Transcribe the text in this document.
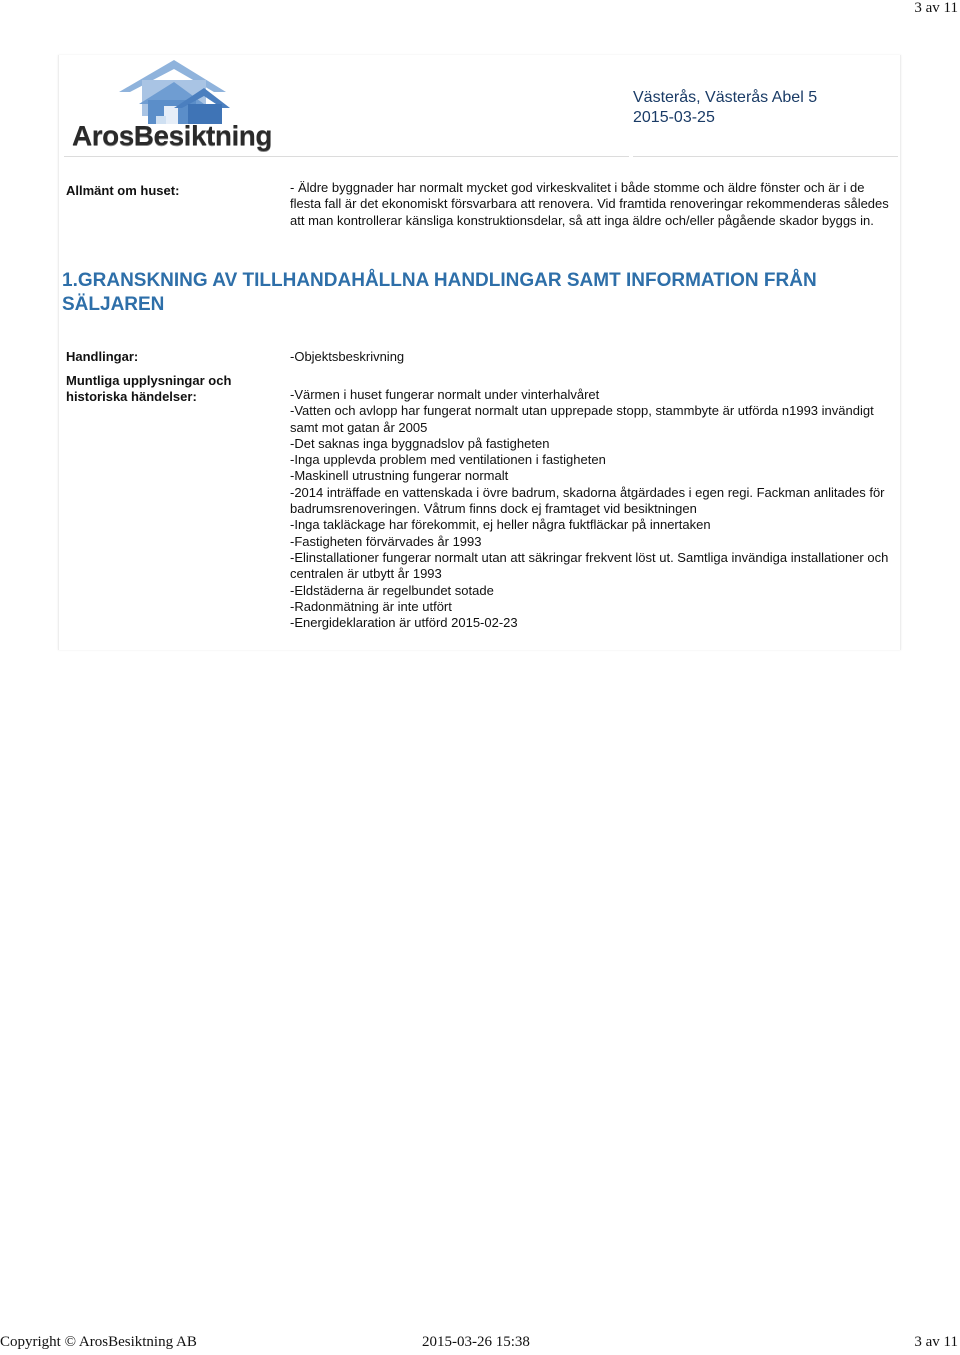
3 av 11
ArosBesiktning
Västerås, Västerås Abel 5
2015-03-25
Allmänt om huset:	- Äldre byggnader har normalt mycket god virkeskvalitet i både stomme och äldre fönster och är i de flesta fall är det ekonomiskt försvarbara att renovera. Vid framtida renoveringar rekommenderas således att man kontrollerar känsliga konstruktionsdelar, så att inga äldre och/eller pågående skador byggs in.
1.GRANSKNING AV TILLHANDAHÅLLNA HANDLINGAR SAMT INFORMATION FRÅN SÄLJAREN
Handlingar:	-Objektsbeskrivning
Muntliga upplysningar och historiska händelser:	-Värmen i huset fungerar normalt under vinterhalvåret
-Vatten och avlopp har fungerat normalt utan upprepade stopp, stammbyte är utförda n1993 invändigt samt mot gatan år 2005
-Det saknas inga byggnadslov på fastigheten
-Inga upplevda problem med ventilationen i fastigheten
-Maskinell utrustning fungerar normalt
-2014 inträffade en vattenskada i övre badrum, skadorna åtgärdades i egen regi. Fackman anlitades för badrumsrenoveringen. Våtrum finns dock ej framtaget vid besiktningen
-Inga takläckage har förekommit, ej heller några fuktfläckar på innertaken
-Fastigheten förvärvades år 1993
-Elinstallationer fungerar normalt utan att säkringar frekvent löst ut. Samtliga invändiga installationer och centralen är utbytt år 1993
-Eldstäderna är regelbundet sotade
-Radonmätning är inte utfört
-Energideklaration är utförd 2015-02-23
Copyright © ArosBesiktning AB	2015-03-26 15:38	3 av 11
